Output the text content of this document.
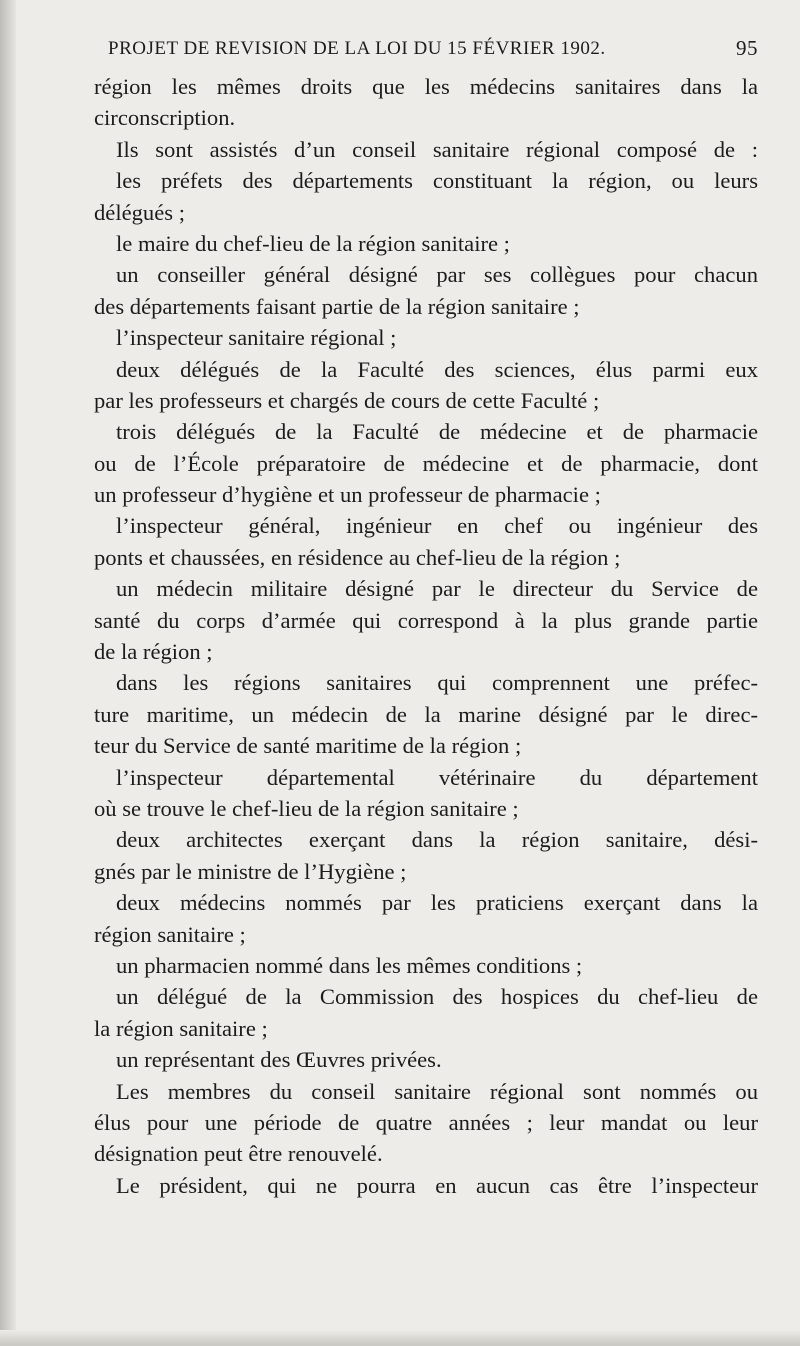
PROJET DE REVISION DE LA LOI DU 15 FÉVRIER 1902.	95
région les mêmes droits que les médecins sanitaires dans la
circonscription.
Ils sont assistés d’un conseil sanitaire régional composé de :
les préfets des départements constituant la région, ou leurs
délégués ;
le maire du chef-lieu de la région sanitaire ;
un conseiller général désigné par ses collègues pour chacun
des départements faisant partie de la région sanitaire ;
l’inspecteur sanitaire régional ;
deux délégués de la Faculté des sciences, élus parmi eux
par les professeurs et chargés de cours de cette Faculté ;
trois délégués de la Faculté de médecine et de pharmacie
ou de l’École préparatoire de médecine et de pharmacie, dont
un professeur d’hygiène et un professeur de pharmacie ;
l’inspecteur général, ingénieur en chef ou ingénieur des
ponts et chaussées, en résidence au chef-lieu de la région ;
un médecin militaire désigné par le directeur du Service de
santé du corps d’armée qui correspond à la plus grande partie
de la région ;
dans les régions sanitaires qui comprennent une préfec-
ture maritime, un médecin de la marine désigné par le direc-
teur du Service de santé maritime de la région ;
l’inspecteur départemental vétérinaire du département
où se trouve le chef-lieu de la région sanitaire ;
deux architectes exerçant dans la région sanitaire, dési-
gnés par le ministre de l’Hygiène ;
deux médecins nommés par les praticiens exerçant dans la
région sanitaire ;
un pharmacien nommé dans les mêmes conditions ;
un délégué de la Commission des hospices du chef-lieu de
la région sanitaire ;
un représentant des Œuvres privées.
Les membres du conseil sanitaire régional sont nommés ou
élus pour une période de quatre années ; leur mandat ou leur
désignation peut être renouvelé.
Le président, qui ne pourra en aucun cas être l’inspecteur
